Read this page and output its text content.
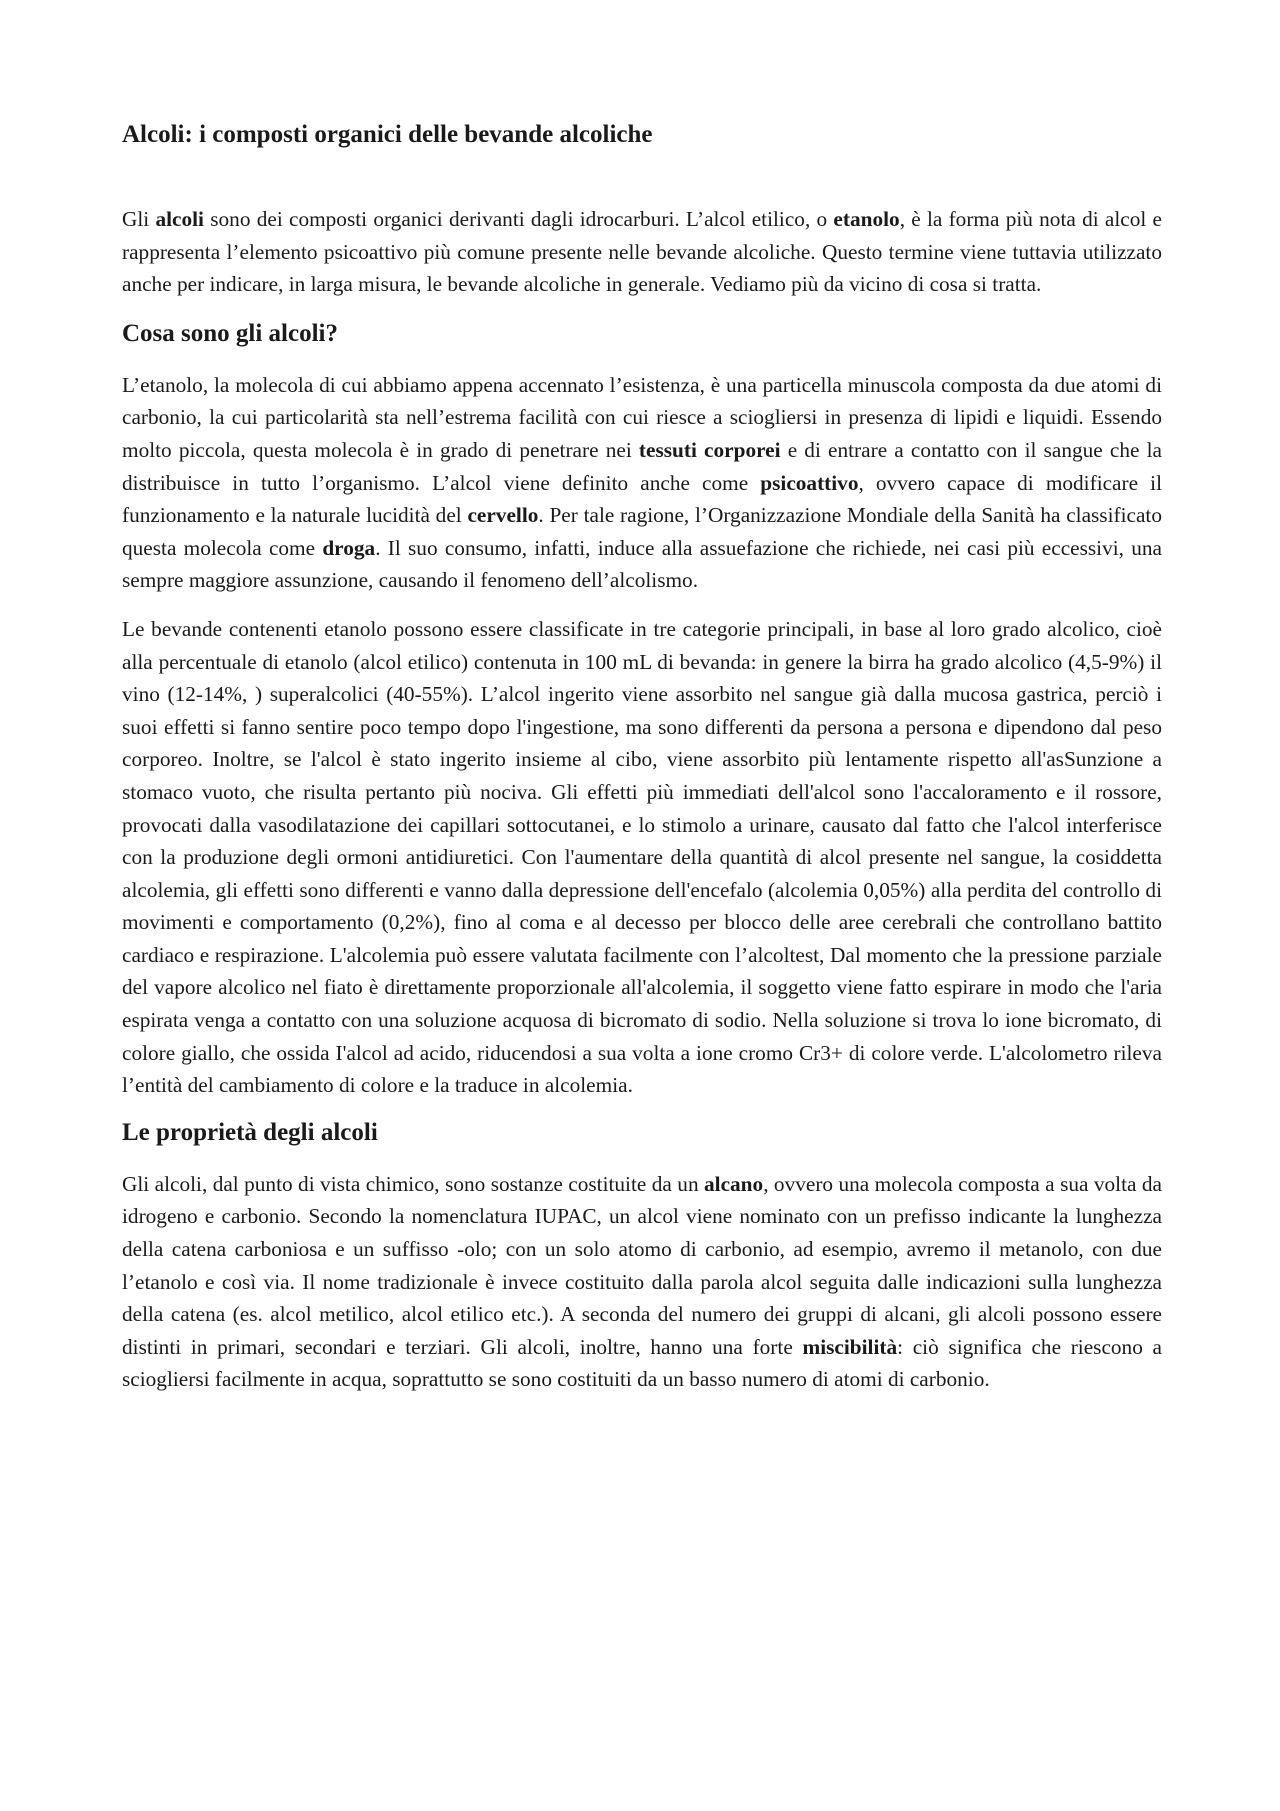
Alcoli: i composti organici delle bevande alcoliche

Gli alcoli sono dei composti organici derivanti dagli idrocarburi. L’alcol etilico, o etanolo, è la forma più nota di alcol e rappresenta l’elemento psicoattivo più comune presente nelle bevande alcoliche. Questo termine viene tuttavia utilizzato anche per indicare, in larga misura, le bevande alcoliche in generale. Vediamo più da vicino di cosa si tratta.

Cosa sono gli alcoli?

L’etanolo, la molecola di cui abbiamo appena accennato l’esistenza, è una particella minuscola composta da due atomi di carbonio, la cui particolarità sta nell’estrema facilità con cui riesce a sciogliersi in presenza di lipidi e liquidi. Essendo molto piccola, questa molecola è in grado di penetrare nei tessuti corporei e di entrare a contatto con il sangue che la distribuisce in tutto l’organismo. L’alcol viene definito anche come psicoattivo, ovvero capace di modificare il funzionamento e la naturale lucidità del cervello. Per tale ragione, l’Organizzazione Mondiale della Sanità ha classificato questa molecola come droga. Il suo consumo, infatti, induce alla assuefazione che richiede, nei casi più eccessivi, una sempre maggiore assunzione, causando il fenomeno dell’alcolismo.

Le bevande contenenti etanolo possono essere classificate in tre categorie principali, in base al loro grado alcolico, cioè alla percentuale di etanolo (alcol etilico) contenuta in 100 mL di bevanda: in genere la birra ha grado alcolico (4,5-9%) il vino (12-14%, ) superalcolici (40-55%). L’alcol ingerito viene assorbito nel sangue già dalla mucosa gastrica, perciò i suoi effetti si fanno sentire poco tempo dopo l'ingestione, ma sono differenti da persona a persona e dipendono dal peso corporeo. Inoltre, se l'alcol è stato ingerito insieme al cibo, viene assorbito più lentamente rispetto all'asSunzione a stomaco vuoto, che risulta pertanto più nociva. Gli effetti più immediati dell'alcol sono l'accaloramento e il rossore, provocati dalla vasodilatazione dei capillari sottocutanei, e lo stimolo a urinare, causato dal fatto che l'alcol interferisce con la produzione degli ormoni antidiuretici. Con l'aumentare della quantità di alcol presente nel sangue, la cosiddetta alcolemia, gli effetti sono differenti e vanno dalla depressione dell'encefalo (alcolemia 0,05%) alla perdita del controllo di movimenti e comportamento (0,2%), fino al coma e al decesso per blocco delle aree cerebrali che controllano battito cardiaco e respirazione. L'alcolemia può essere valutata facilmente con l’alcoltest, Dal momento che la pressione parziale del vapore alcolico nel fiato è direttamente proporzionale all'alcolemia, il soggetto viene fatto espirare in modo che l'aria espirata venga a contatto con una soluzione acquosa di bicromato di sodio. Nella soluzione si trova lo ione bicromato, di colore giallo, che ossida I'alcol ad acido, riducendosi a sua volta a ione cromo Cr3+ di colore verde. L'alcolometro rileva l’entità del cambiamento di colore e la traduce in alcolemia.

Le proprietà degli alcoli

Gli alcoli, dal punto di vista chimico, sono sostanze costituite da un alcano, ovvero una molecola composta a sua volta da idrogeno e carbonio. Secondo la nomenclatura IUPAC, un alcol viene nominato con un prefisso indicante la lunghezza della catena carboniosa e un suffisso -olo; con un solo atomo di carbonio, ad esempio, avremo il metanolo, con due l’etanolo e così via. Il nome tradizionale è invece costituito dalla parola alcol seguita dalle indicazioni sulla lunghezza della catena (es. alcol metilico, alcol etilico etc.). A seconda del numero dei gruppi di alcani, gli alcoli possono essere distinti in primari, secondari e terziari. Gli alcoli, inoltre, hanno una forte miscibilità: ciò significa che riescono a sciogliersi facilmente in acqua, soprattutto se sono costituiti da un basso numero di atomi di carbonio.
